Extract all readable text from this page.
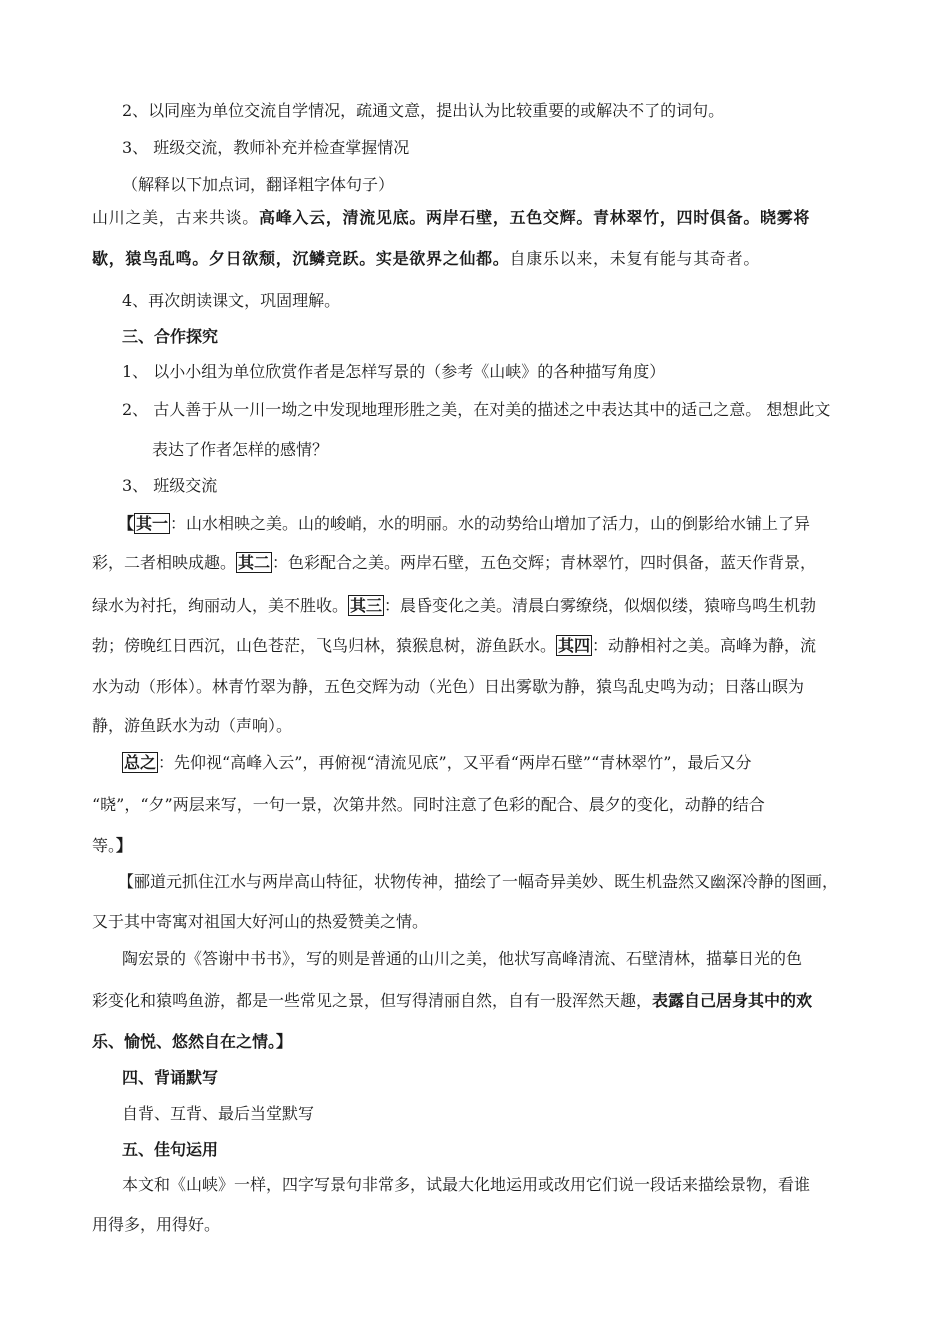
2、以同座为单位交流自学情况，疏通文意，提出认为比较重要的或解决不了的词句。
3、 班级交流，教师补充并检查掌握情况
（解释以下加点词，翻译粗字体句子）
山川之美，古来共谈。高峰入云，清流见底。两岸石壁，五色交辉。青林翠竹，四时俱备。晓雾将
歇，猿鸟乱鸣。夕日欲颓，沉鳞竞跃。实是欲界之仙都。自康乐以来，未复有能与其奇者。
4、再次朗读课文，巩固理解。
三、合作探究
1、 以小小组为单位欣赏作者是怎样写景的（参考《山峡》的各种描写角度）
2、 古人善于从一川一坳之中发现地理形胜之美，在对美的描述之中表达其中的适己之意。 想想此文
表达了作者怎样的感情？
3、 班级交流
【 其一 ：山水相映之美。山的峻峭，水的明丽。水的动势给山增加了活力，山的倒影给水铺上了异
彩，二者相映成趣。 其二 ：色彩配合之美。两岸石壁，五色交辉；青林翠竹，四时俱备，蓝天作背景，
绿水为衬托，绚丽动人，美不胜收。 其三 ：晨昏变化之美。清晨白雾缭绕，似烟似缕，猿啼鸟鸣生机勃
勃；傍晚红日西沉，山色苍茫，飞鸟归林，猿猴息树，游鱼跃水。 其四 ：动静相衬之美。高峰为静，流
水为动（形体）。林青竹翠为静，五色交辉为动（光色）日出雾歇为静，猿鸟乱史鸣为动；日落山暝为
静，游鱼跃水为动（声响）。
总之 ：先仰视“高峰入云”，再俯视“清流见底”，又平看“两岸石壁”“青林翠竹”，最后又分
“晓”，“夕”两层来写，一句一景，次第井然。同时注意了色彩的配合、晨夕的变化，动静的结合
等。】
【郦道元抓住江水与两岸高山特征，状物传神，描绘了一幅奇异美妙、既生机盎然又幽深冷静的图画，
又于其中寄寓对祖国大好河山的热爱赞美之情。
陶宏景的《答谢中书书》，写的则是普通的山川之美，他状写高峰清流、石壁清林，描摹日光的色
彩变化和猿鸣鱼游，都是一些常见之景，但写得清丽自然，自有一股浑然天趣，表露自己居身其中的欢
乐、愉悦、悠然自在之情。】
四、背诵默写
自背、互背、最后当堂默写
五、佳句运用
本文和《山峡》一样，四字写景句非常多，试最大化地运用或改用它们说一段话来描绘景物，看谁
用得多，用得好。
